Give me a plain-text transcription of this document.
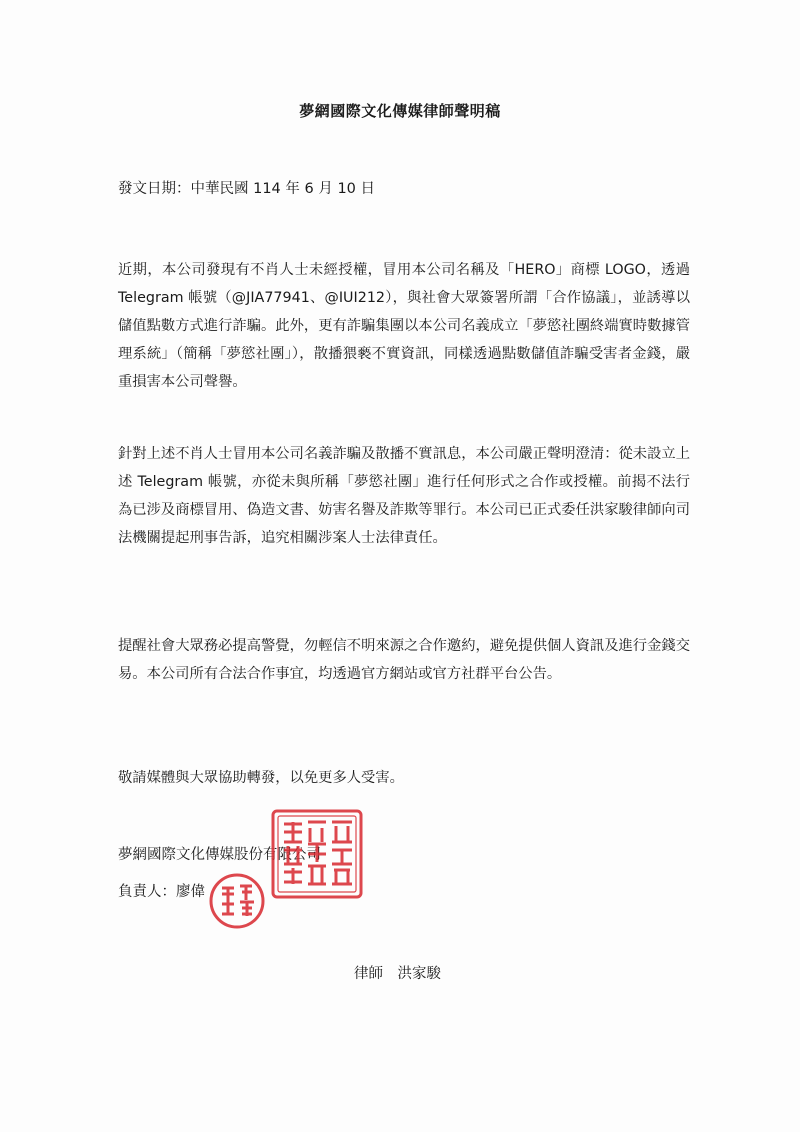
夢網國際文化傳媒律師聲明稿
發文日期：中華民國 114 年 6 月 10 日

近期，本公司發現有不肖人士未經授權，冒用本公司名稱及「HERO」商標 LOGO，透過 Telegram 帳號（@JIA77941、@IUI212），與社會大眾簽署所謂「合作協議」，並誘導以儲值點數方式進行詐騙。此外，更有詐騙集團以本公司名義成立「夢慾社團終端實時數據管理系統」（簡稱「夢慾社團」），散播猥褻不實資訊，同樣透過點數儲值詐騙受害者金錢，嚴重損害本公司聲譽。

針對上述不肖人士冒用本公司名義詐騙及散播不實訊息，本公司嚴正聲明澄清：從未設立上述 Telegram 帳號，亦從未與所稱「夢慾社團」進行任何形式之合作或授權。前揭不法行為已涉及商標冒用、偽造文書、妨害名譽及詐欺等罪行。本公司已正式委任洪家駿律師向司法機關提起刑事告訴，追究相關涉案人士法律責任。

提醒社會大眾務必提高警覺，勿輕信不明來源之合作邀約，避免提供個人資訊及進行金錢交易。本公司所有合法合作事宜，均透過官方網站或官方社群平台公告。

敬請媒體與大眾協助轉發，以免更多人受害。

夢網國際文化傳媒股份有限公司
負責人：廖偉
律師　洪家駿
